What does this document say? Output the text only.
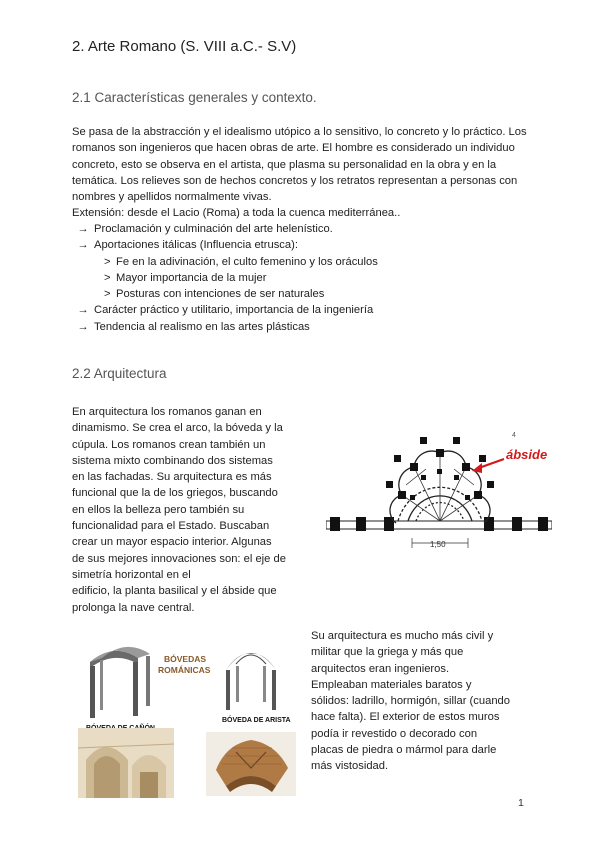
2. Arte Romano (S. VIII a.C.- S.V)
2.1 Características generales y contexto.

Se pasa de la abstracción y el idealismo utópico a lo sensitivo, lo concreto y lo práctico. Los romanos son ingenieros que hacen obras de arte. El hombre es considerado un individuo concreto, esto se observa en el artista, que plasma su personalidad en la obra y en la temática. Los relieves son de hechos concretos y los retratos representan a personas con nombres y apellidos normalmente vivas.
Extensión: desde el Lacio (Roma) a toda la cuenca mediterránea..

→ Proclamación y culminación del arte helenístico.
→ Aportaciones itálicas (Influencia etrusca):
> Fe en la adivinación, el culto femenino y los oráculos
> Mayor importancia de la mujer
> Posturas con intenciones de ser naturales
→ Carácter práctico y utilitario, importancia de la ingeniería
→ Tendencia al realismo en las artes plásticas
2.2 Arquitectura

En arquitectura los romanos ganan en
dinamismo. Se crea el arco, la bóveda y la
cúpula. Los romanos crean también un
sistema mixto combinando dos sistemas
en las fachadas. Su arquitectura es más
funcional que la de los griegos, buscando
en ellos la belleza pero también su
funcionalidad para el Estado. Buscaban
crear un mayor espacio interior. Algunas
de sus mejores innovaciones son: el eje de
simetría horizontal en el
edificio, la planta basilical y el ábside que
prolonga la nave central.

1,50
4
ábside
BÓVEDAS
ROMÁNICAS
BÓVEDA DE ARISTA

Su arquitectura es mucho más civil y
militar que la griega y más que
arquitectos eran ingenieros.
Empleaban materiales baratos y
sólidos: ladrillo, hormigón, sillar (cuando
hace falta). El exterior de estos muros
podía ir revestido o decorado con
placas de piedra o mármol para darle
más vistosidad.

1
